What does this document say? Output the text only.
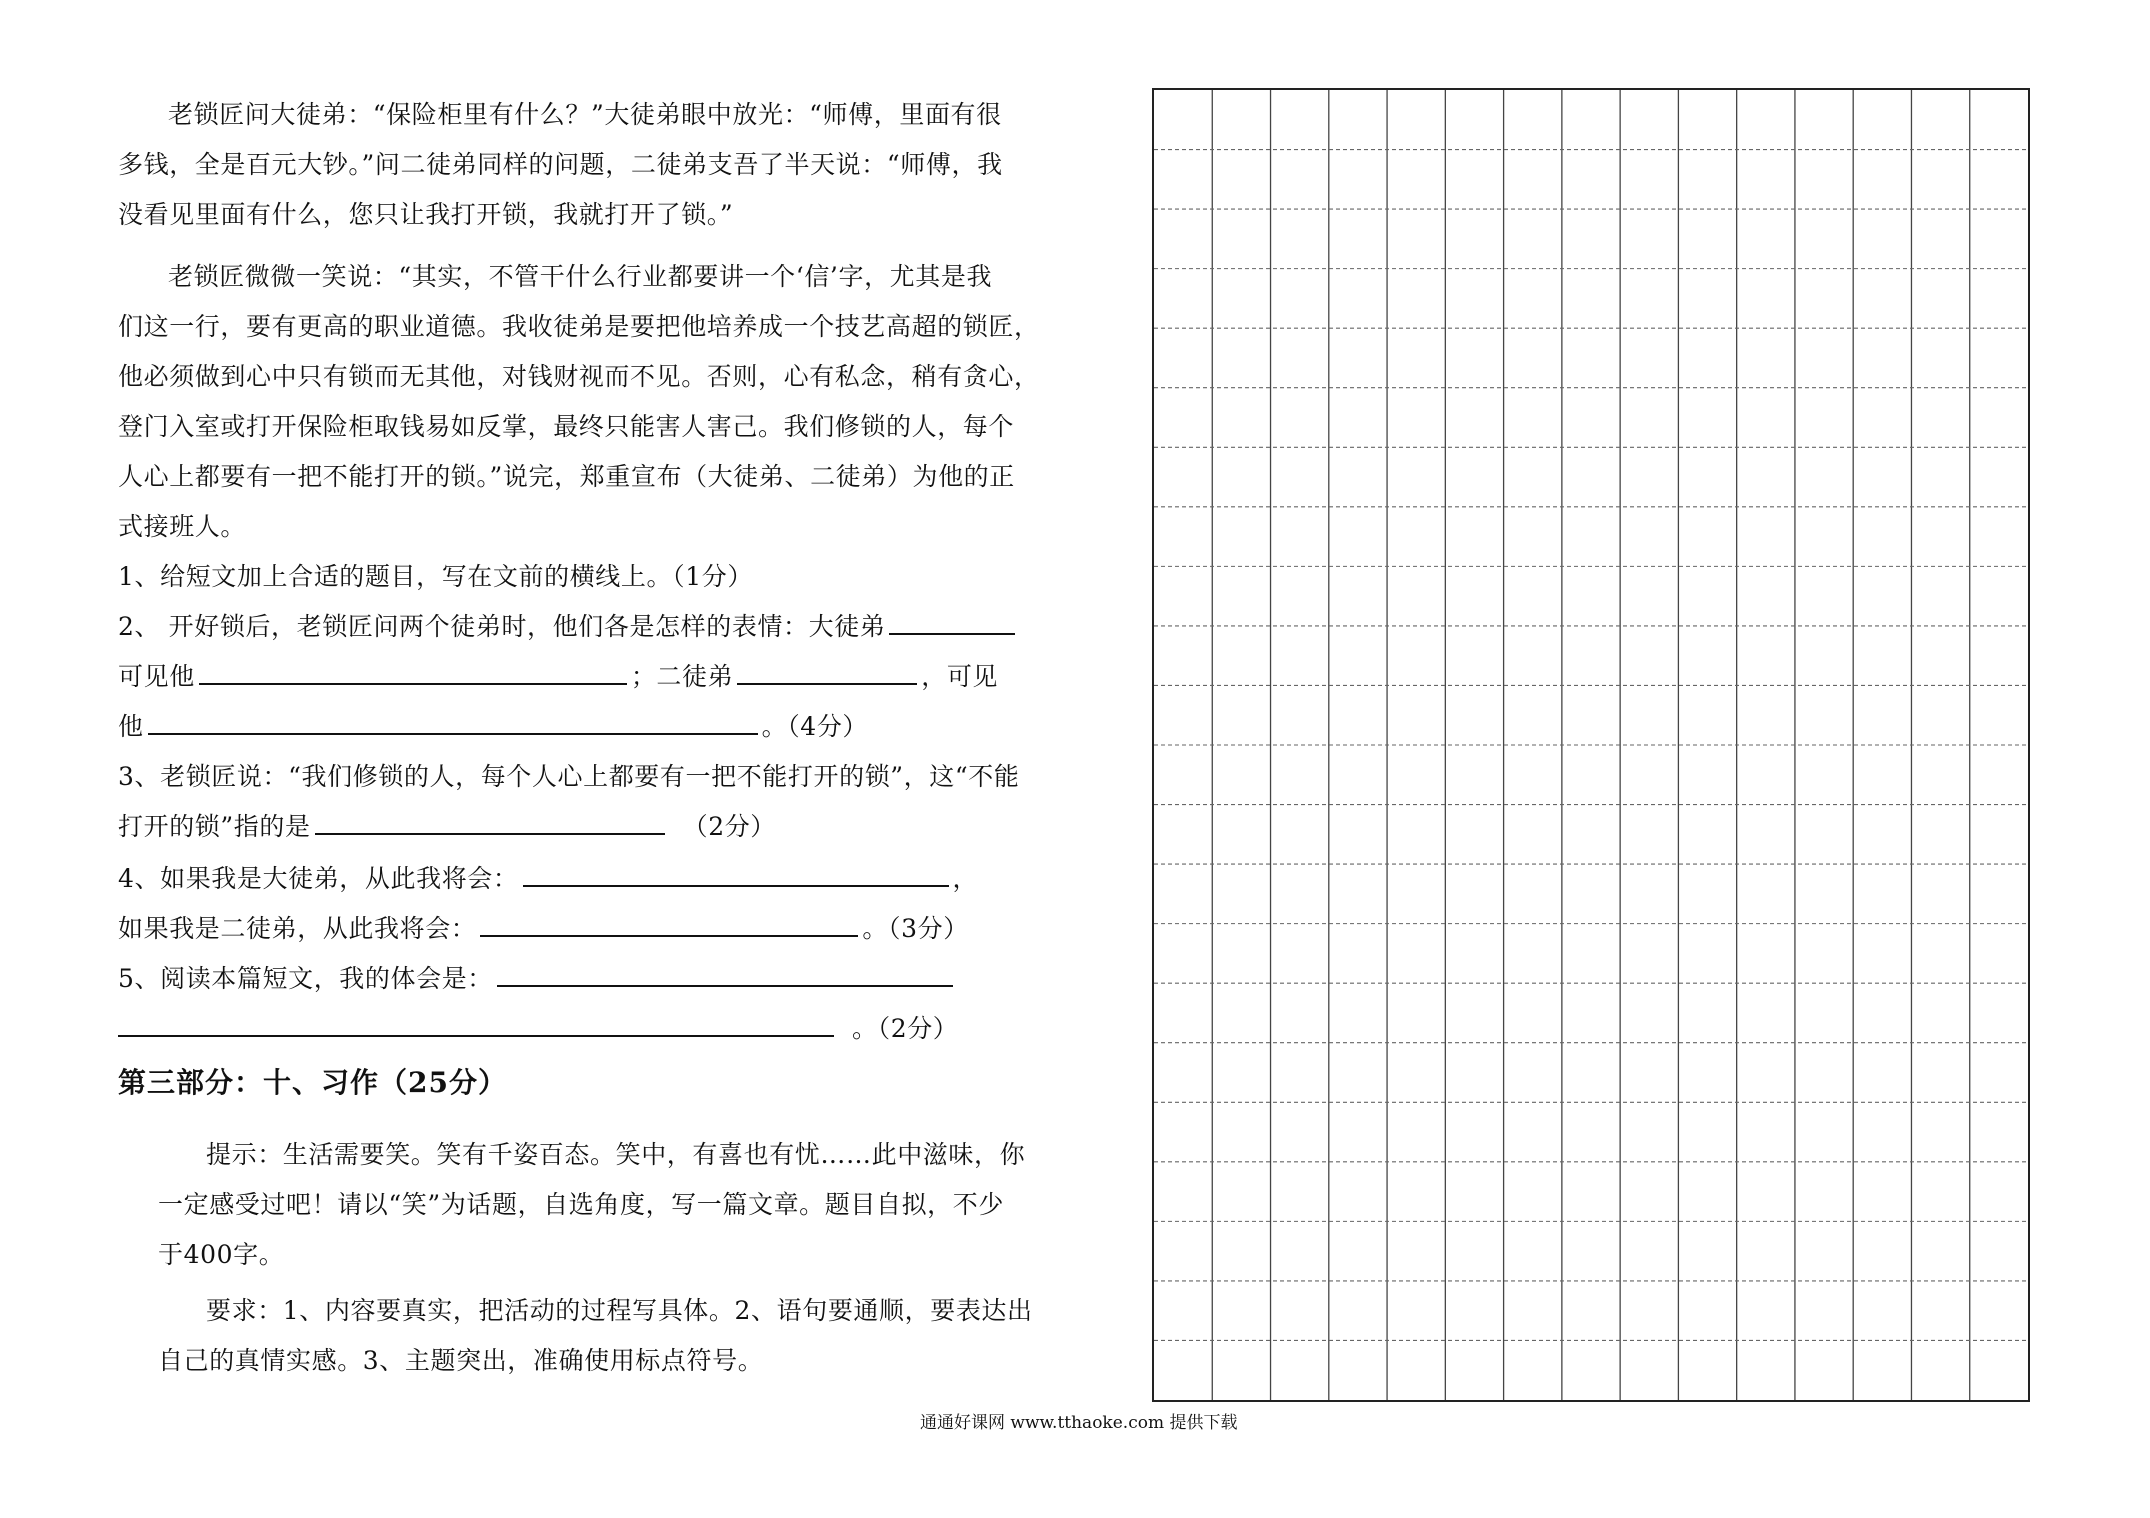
老锁匠问大徒弟：“保险柜里有什么？”大徒弟眼中放光：“师傅，里面有很
多钱，全是百元大钞。”问二徒弟同样的问题，二徒弟支吾了半天说：“师傅，我
没看见里面有什么，您只让我打开锁，我就打开了锁。”
老锁匠微微一笑说：“其实，不管干什么行业都要讲一个‘信’字，尤其是我
们这一行，要有更高的职业道德。我收徒弟是要把他培养成一个技艺高超的锁匠，
他必须做到心中只有锁而无其他，对钱财视而不见。否则，心有私念，稍有贪心，
登门入室或打开保险柜取钱易如反掌，最终只能害人害己。我们修锁的人，每个
人心上都要有一把不能打开的锁。”说完，郑重宣布（大徒弟、二徒弟）为他的正
式接班人。
1、给短文加上合适的题目，写在文前的横线上。（1分）
2、 开好锁后，老锁匠问两个徒弟时，他们各是怎样的表情：大徒弟
可见他	；二徒弟	，可见
他	。（4分）
3、老锁匠说：“我们修锁的人，每个人心上都要有一把不能打开的锁”，这“不能
打开的锁”指的是	（2分）
4、如果我是大徒弟，从此我将会：	，
如果我是二徒弟，从此我将会：	。（3分）
5、阅读本篇短文，我的体会是：
。（2分）
第三部分：十、习作（25分）
提示：生活需要笑。笑有千姿百态。笑中，有喜也有忧……此中滋味，你
一定感受过吧！请以“笑”为话题，自选角度，写一篇文章。题目自拟，不少
于400字。
要求：1、内容要真实，把活动的过程写具体。2、语句要通顺，要表达出
自己的真情实感。3、主题突出，准确使用标点符号。
通通好课网 www.tthaoke.com 提供下载
